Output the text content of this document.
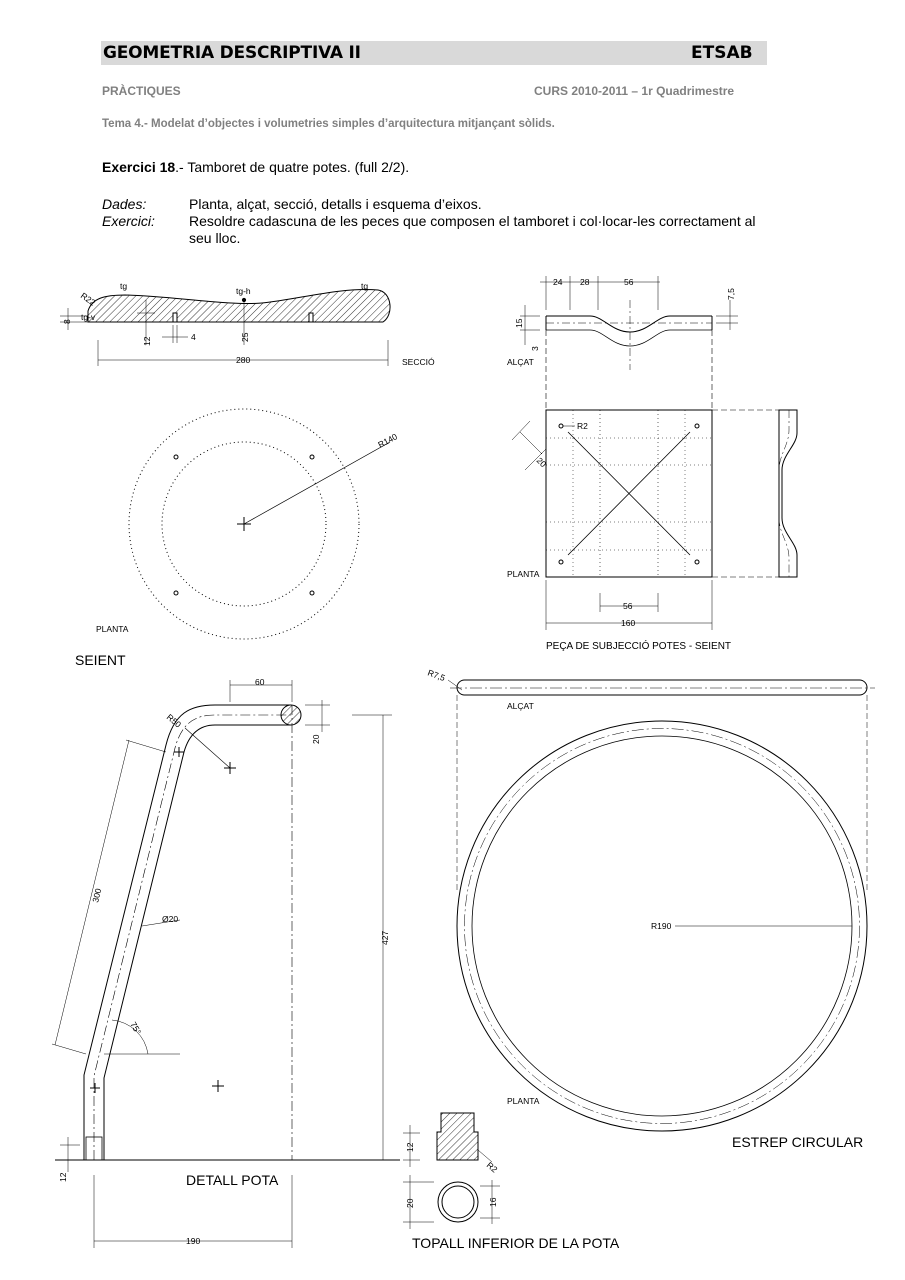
GEOMETRIA DESCRIPTIVA II	ETSAB
PRÀCTIQUES	CURS 2010-2011 – 1r Quadrimestre
Tema 4.- Modelat d’objectes i volumetries simples d’arquitectura mitjançant sòlids.
Exercici 18.- Tamboret de quatre potes. (full 2/2).
Dades:	Planta, alçat, secció, detalls i esquema d’eixos.
Exercici: Resoldre cadascuna de les peces que composen el tamboret i col·locar-les correctament al seu lloc.
R22
tg	tg
tg-h
tg-v
8
12	4	25
280	SECCIÓ
R140
PLANTA
SEIENT
24 28	56
7,5
15
3
ALÇAT
R2
20
PLANTA
56
160
PEÇA DE SUBJECCIÓ POTES - SEIENT
60
R50
20
300
Ø20
427
75°
12
190
DETALL POTA
R7,5
ALÇAT
R190
PLANTA
ESTREP CIRCULAR
12
R2
20	16
TOPALL INFERIOR DE LA POTA
